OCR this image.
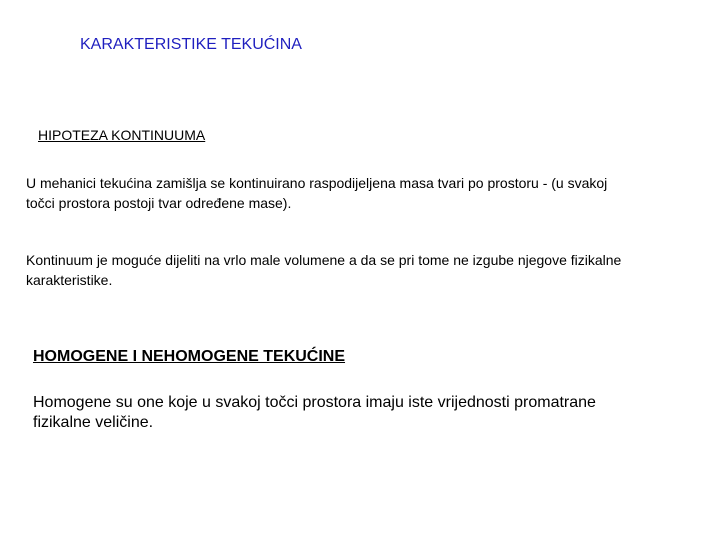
KARAKTERISTIKE TEKUĆINA
HIPOTEZA KONTINUUMA
U mehanici tekućina zamišlja se kontinuirano raspodijeljena masa tvari po prostoru - (u svakoj
točci prostora postoji tvar određene mase).
Kontinuum je moguće dijeliti na vrlo male volumene a da se pri tome ne izgube njegove fizikalne
karakteristike.
HOMOGENE I NEHOMOGENE TEKUĆINE
Homogene su one koje u svakoj točci prostora imaju iste vrijednosti promatrane
fizikalne veličine.
